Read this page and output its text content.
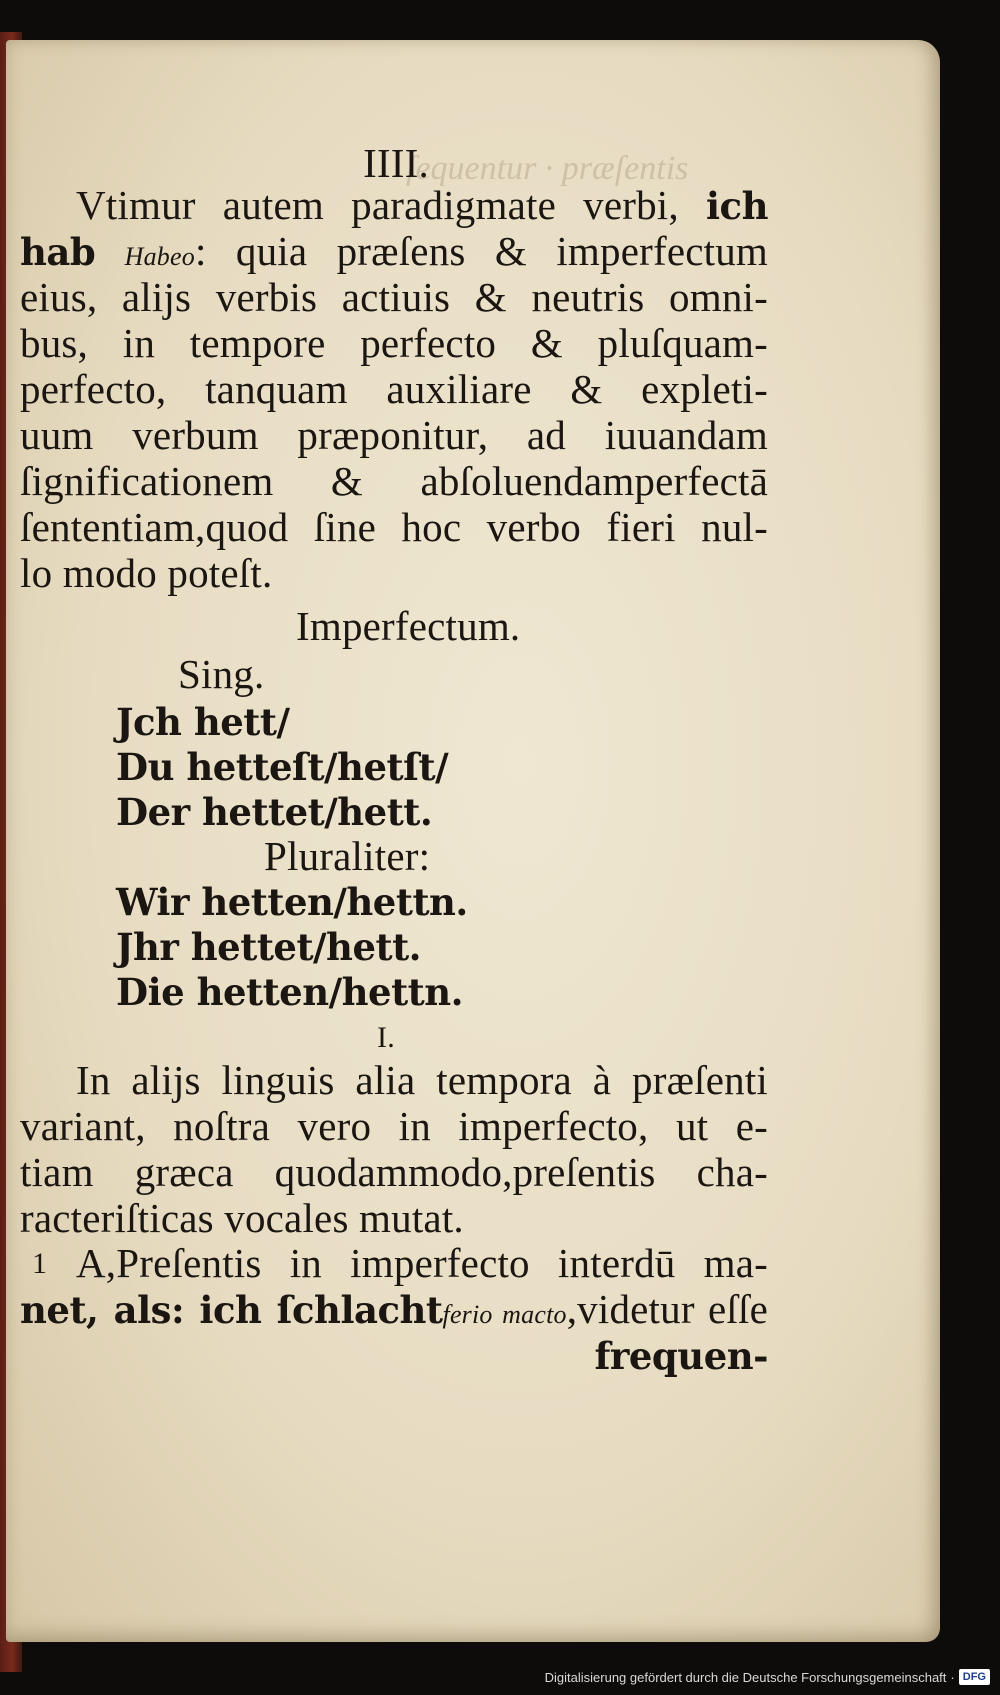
ſequentur · præſentis
IIII.
Vtimur autem paradigmate verbi, ich
hab Habeo: quia præſens & imperfectum
eius, alijs verbis actiuis & neutris omni-
bus, in tempore perfecto & pluſquam-
perfecto, tanquam auxiliare & expleti-
uum verbum præponitur, ad iuuandam
ſignificationem & abſoluendamperfectā
ſententiam,quod ſine hoc verbo fieri nul-
lo modo poteſt.
Imperfectum.
Sing.
Jch hett/
Du hetteſt/hetſt/
Der hettet/hett.
Pluraliter:
Wir hetten/hettn.
Jhr hettet/hett.
Die hetten/hettn.
I.
In alijs linguis alia tempora à præſenti
variant, noſtra vero in imperfecto, ut e-
tiam græca quodammodo,preſentis cha-
racteriſticas vocales mutat.
1 A,Preſentis in imperfecto interdū ma-
net, als: ich ſchlachtferio macto,videtur eſſe
frequen-
Digitalisierung gefördert durch die Deutsche Forschungsgemeinschaft · DFG
